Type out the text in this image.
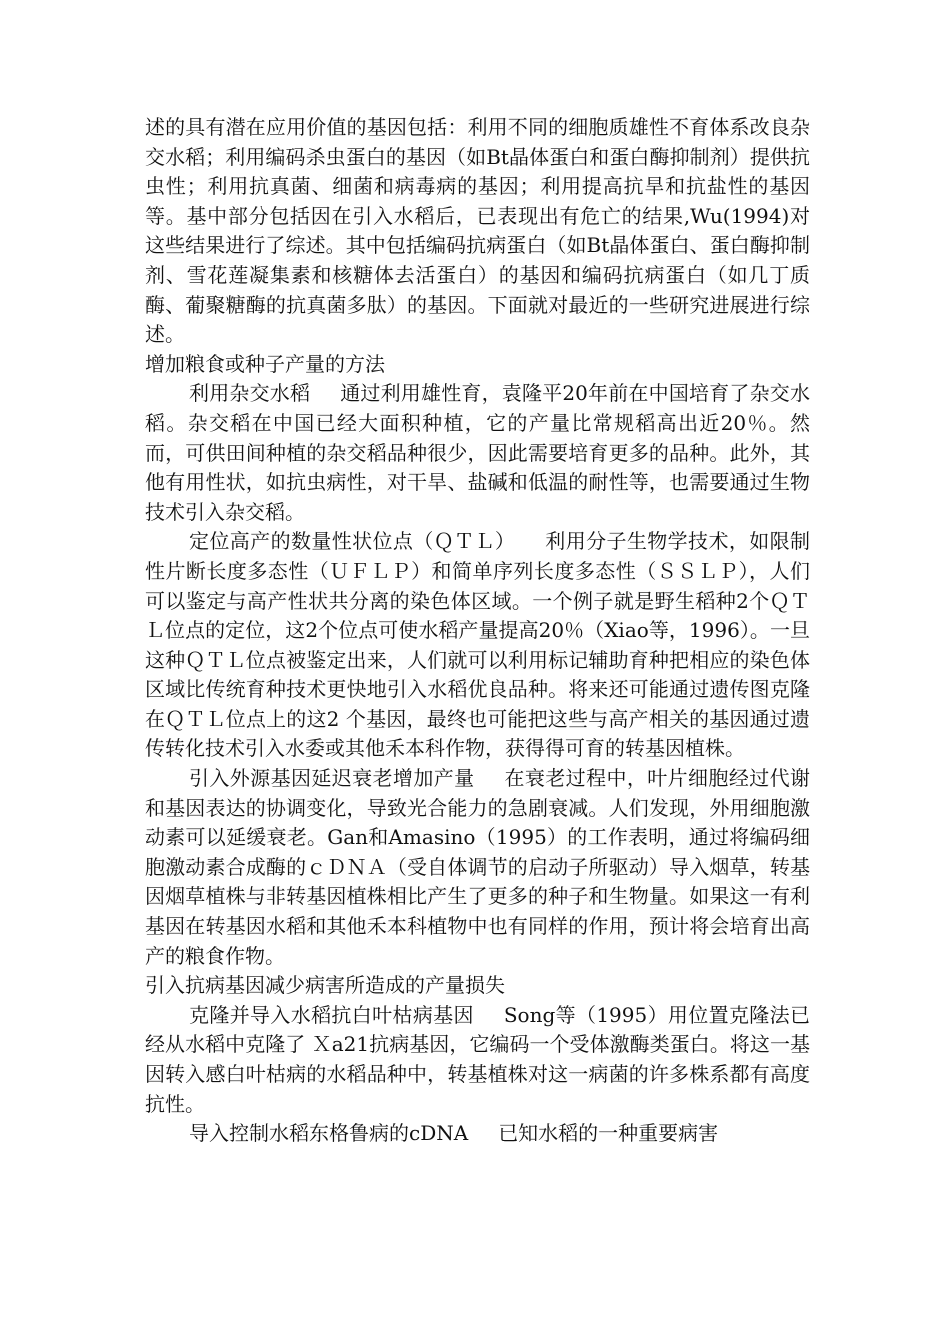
述的具有潜在应用价值的基因包括：利用不同的细胞质雄性不育体系改良杂交水稻；利用编码杀虫蛋白的基因（如Bt晶体蛋白和蛋白酶抑制剂）提供抗虫性；利用抗真菌、细菌和病毒病的基因；利用提高抗旱和抗盐性的基因等。基中部分包括因在引入水稻后，已表现出有危亡的结果,Wu(1994)对这些结果进行了综述。其中包括编码抗病蛋白（如Bt晶体蛋白、蛋白酶抑制剂、雪花莲凝集素和核糖体去活蛋白）的基因和编码抗病蛋白（如几丁质酶、葡聚糖酶的抗真菌多肽）的基因。下面就对最近的一些研究进展进行综述。

增加粮食或种子产量的方法

利用杂交水稻 通过利用雄性育，袁隆平20年前在中国培育了杂交水稻。杂交稻在中国已经大面积种植，它的产量比常规稻高出近20％。然而，可供田间种植的杂交稻品种很少，因此需要培育更多的品种。此外，其他有用性状，如抗虫病性，对干旱、盐碱和低温的耐性等，也需要通过生物技术引入杂交稻。

定位高产的数量性状位点（ＱＴＬ） 利用分子生物学技术，如限制性片断长度多态性（ＵＦＬＰ）和简单序列长度多态性（ＳＳＬＰ），人们可以鉴定与高产性状共分离的染色体区域。一个例子就是野生稻种2个ＱＴＬ位点的定位，这2个位点可使水稻产量提高20％（Xiao等，1996）。一旦这种ＱＴＬ位点被鉴定出来，人们就可以利用标记辅助育种把相应的染色体区域比传统育种技术更快地引入水稻优良品种。将来还可能通过遗传图克隆在ＱＴＬ位点上的这2 个基因，最终也可能把这些与高产相关的基因通过遗传转化技术引入水委或其他禾本科作物，获得得可育的转基因植株。

引入外源基因延迟衰老增加产量 在衰老过程中，叶片细胞经过代谢和基因表达的协调变化，导致光合能力的急剧衰减。人们发现，外用细胞激动素可以延缓衰老。Gan和Amasino（1995）的工作表明，通过将编码细胞激动素合成酶的ｃＤＮＡ（受自体调节的启动子所驱动）导入烟草，转基因烟草植株与非转基因植株相比产生了更多的种子和生物量。如果这一有利基因在转基因水稻和其他禾本科植物中也有同样的作用，预计将会培育出高产的粮食作物。

引入抗病基因减少病害所造成的产量损失

克隆并导入水稻抗白叶枯病基因 Song等（1995）用位置克隆法已经从水稻中克隆了 Ｘa21抗病基因，它编码一个受体激酶类蛋白。将这一基因转入感白叶枯病的水稻品种中，转基植株对这一病菌的许多株系都有高度抗性。

导入控制水稻东格鲁病的cDNA 已知水稻的一种重要病害
